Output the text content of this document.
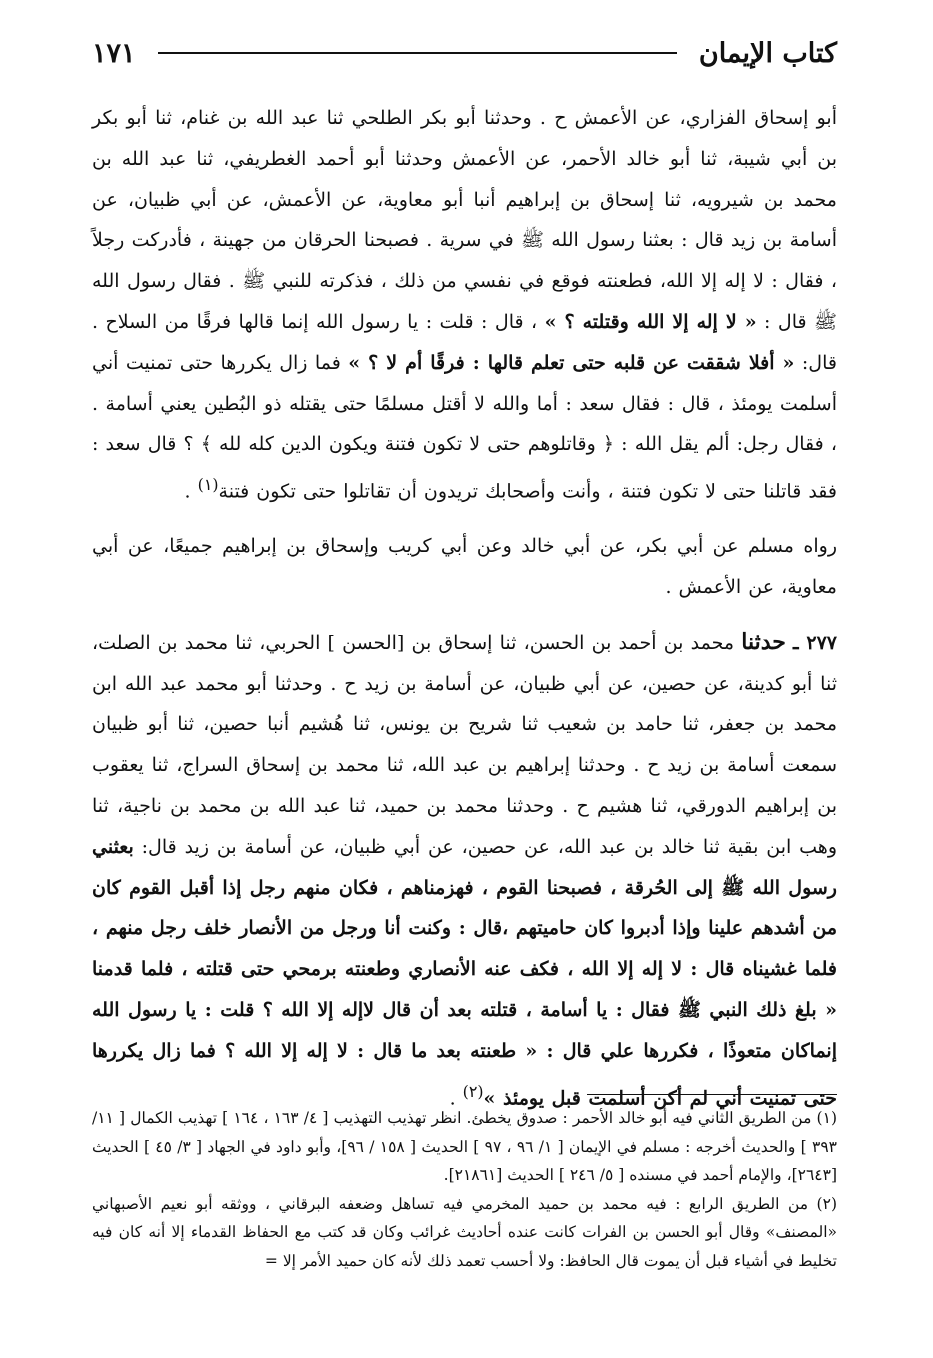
كتاب الإيمان
١٧١

أبو إسحاق الفزاري، عن الأعمش ح . وحدثنا أبو بكر الطلحي ثنا عبد الله بن غنام، ثنا أبو بكر بن أبي شيبة، ثنا أبو خالد الأحمر، عن الأعمش وحدثنا أبو أحمد الغطريفي، ثنا عبد الله بن محمد بن شيرويه، ثنا إسحاق بن إبراهيم أنبا أبو معاوية، عن الأعمش، عن أبي ظبيان، عن أسامة بن زيد قال : بعثنا رسول الله ﷺ في سرية . فصبحنا الحرقان من جهينة ، فأدركت رجلاً ، فقال : لا إله إلا الله، فطعنته فوقع في نفسي من ذلك ، فذكرته للنبي ﷺ . فقال رسول الله ﷺ قال : « لا إله إلا الله وقتلته ؟ » ، قال : قلت : يا رسول الله إنما قالها فرقًا من السلاح . قال: « أفلا شققت عن قلبه حتى تعلم قالها : فرقًا أم لا ؟ » فما زال يكررها حتى تمنيت أني أسلمت يومئذ ، قال : فقال سعد : أما والله لا أقتل مسلمًا حتى يقتله ذو البُطين يعني أسامة . ، فقال رجل: ألم يقل الله : ﴿ وقاتلوهم حتى لا تكون فتنة ويكون الدين كله لله ﴾ ؟ قال سعد : فقد قاتلنا حتى لا تكون فتنة ، وأنت وأصحابك تريدون أن تقاتلوا حتى تكون فتنة$^{(١)}$ .

رواه مسلم عن أبي بكر، عن أبي خالد وعن أبي كريب وإسحاق بن إبراهيم جميعًا، عن أبي معاوية، عن الأعمش .

٢٧٧ ـ حدثنا محمد بن أحمد بن الحسن، ثنا إسحاق بن [الحسن ] الحربي، ثنا محمد بن الصلت، ثنا أبو كدينة، عن حصين، عن أبي ظبيان، عن أسامة بن زيد ح . وحدثنا أبو محمد عبد الله ابن محمد بن جعفر، ثنا حامد بن شعيب ثنا شريح بن يونس، ثنا هُشيم أنبا حصين، ثنا أبو ظبيان سمعت أسامة بن زيد ح . وحدثنا إبراهيم بن عبد الله، ثنا محمد بن إسحاق السراج، ثنا يعقوب بن إبراهيم الدورقي، ثنا هشيم ح . وحدثنا محمد بن حميد، ثنا عبد الله بن محمد بن ناجية، ثنا وهب ابن بقية ثنا خالد بن عبد الله، عن حصين، عن أبي ظبيان، عن أسامة بن زيد قال: بعثني رسول الله ﷺ إلى الحُرقة ، فصبحنا القوم ، فهزمناهم ، فكان منهم رجل إذا أقبل القوم كان من أشدهم علينا وإذا أدبروا كان حاميتهم ،قال : وكنت أنا ورجل من الأنصار خلف رجل منهم ، فلما غشيناه قال : لا إله إلا الله ، فكف عنه الأنصاري وطعنته برمحي حتى قتلته ، فلما قدمنا « بلغ ذلك النبي ﷺ فقال : يا أسامة ، قتلته بعد أن قال لاإله إلا الله ؟ قلت : يا رسول الله إنماكان متعوذًا ، فكررها علي قال : « طعنته بعد ما قال : لا إله إلا الله ؟ فما زال يكررها حتى تمنيت أني لم أكن أسلمت قبل يومئذ »$^{(٢)}$ .

(١) من الطريق الثاني فيه أبو خالد الأحمر : صدوق يخطئ. انظر تهذيب التهذيب [ ٤/ ١٦٣ ، ١٦٤ ] تهذيب الكمال [ ١١/ ٣٩٣ ] والحديث أخرجه : مسلم في الإيمان [ ١/ ٩٦ ، ٩٧ ] الحديث [ ١٥٨ / ٩٦]، وأبو داود في الجهاد [ ٣/ ٤٥ ] الحديث [٢٦٤٣]، والإمام أحمد في مسنده [ ٥/ ٢٤٦ ] الحديث [٢١٨٦١].

(٢) من الطريق الرابع : فيه محمد بن حميد المخرمي فيه تساهل وضعفه البرقاني ، ووثقه أبو نعيم الأصبهاني «المصنف» وقال أبو الحسن بن الفرات كانت عنده أحاديث غرائب وكان قد كتب مع الحفاظ القدماء إلا أنه كان فيه تخليط في أشياء قبل أن يموت قال الحافظ: ولا أحسب تعمد ذلك لأنه كان حميد الأمر إلا =
